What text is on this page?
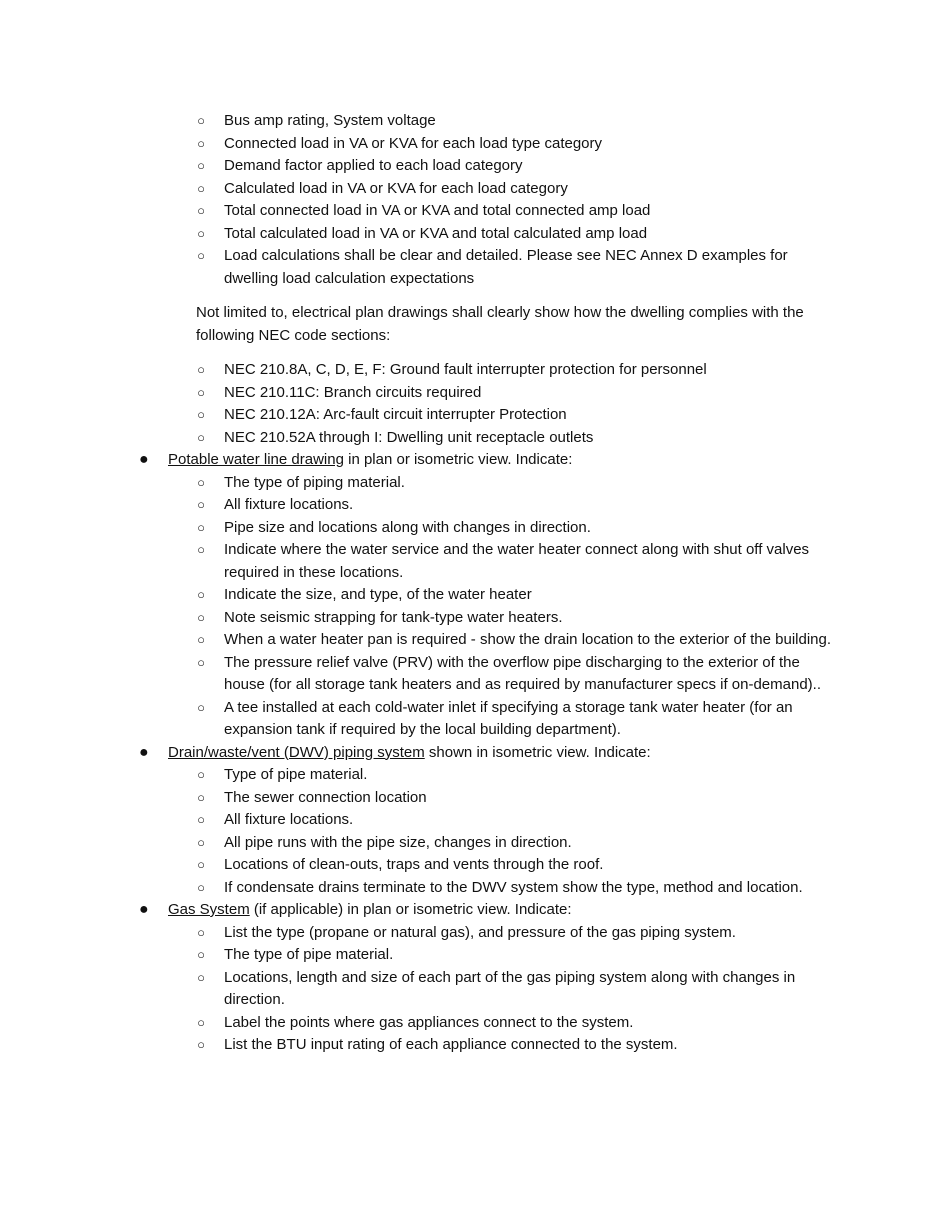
○ Bus amp rating, System voltage
○ Connected load in VA or KVA for each load type category
○ Demand factor applied to each load category
○ Calculated load in VA or KVA for each load category
○ Total connected load in VA or KVA and total connected amp load
○ Total calculated load in VA or KVA and total calculated amp load
○ Load calculations shall be clear and detailed. Please see NEC Annex D examples for dwelling load calculation expectations

Not limited to, electrical plan drawings shall clearly show how the dwelling complies with the following NEC code sections:

○ NEC 210.8A, C, D, E, F: Ground fault interrupter protection for personnel
○ NEC 210.11C: Branch circuits required
○ NEC 210.12A: Arc-fault circuit interrupter Protection
○ NEC 210.52A through I: Dwelling unit receptacle outlets
● Potable water line drawing in plan or isometric view. Indicate:
○ The type of piping material.
○ All fixture locations.
○ Pipe size and locations along with changes in direction.
○ Indicate where the water service and the water heater connect along with shut off valves required in these locations.
○ Indicate the size, and type, of the water heater
○ Note seismic strapping for tank-type water heaters.
○ When a water heater pan is required - show the drain location to the exterior of the building.
○ The pressure relief valve (PRV) with the overflow pipe discharging to the exterior of the house (for all storage tank heaters and as required by manufacturer specs if on-demand)..
○ A tee installed at each cold-water inlet if specifying a storage tank water heater (for an expansion tank if required by the local building department).
● Drain/waste/vent (DWV) piping system shown in isometric view. Indicate:
○ Type of pipe material.
○ The sewer connection location
○ All fixture locations.
○ All pipe runs with the pipe size, changes in direction.
○ Locations of clean-outs, traps and vents through the roof.
○ If condensate drains terminate to the DWV system show the type, method and location.
● Gas System (if applicable) in plan or isometric view. Indicate:
○ List the type (propane or natural gas), and pressure of the gas piping system.
○ The type of pipe material.
○ Locations, length and size of each part of the gas piping system along with changes in direction.
○ Label the points where gas appliances connect to the system.
○ List the BTU input rating of each appliance connected to the system.
